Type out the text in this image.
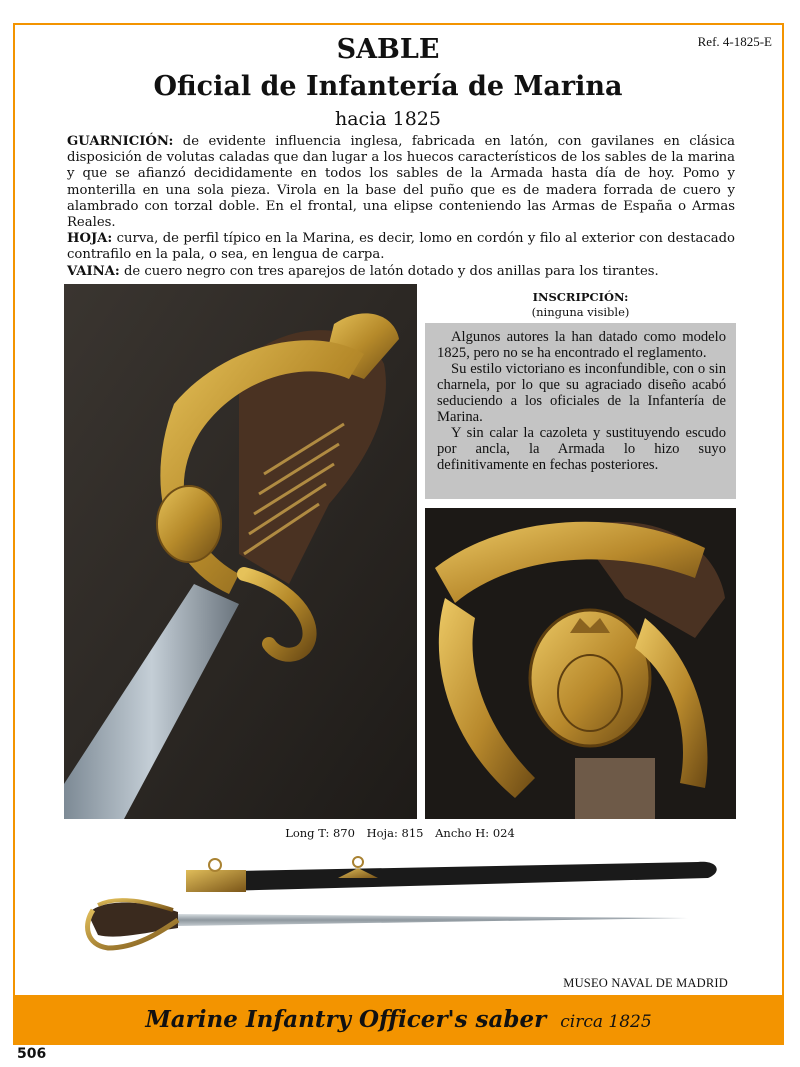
Ref. 4-1825-E
SABLE
Oficial de Infantería de Marina
hacia 1825

GUARNICIÓN: de evidente influencia inglesa, fabricada en latón, con gavilanes en clásica disposición de volutas caladas que dan lugar a los huecos característicos de los sables de la marina y que se afianzó decididamente en todos los sables de la Armada hasta día de hoy. Pomo y monterilla en una sola pieza. Virola en la base del puño que es de madera forrada de cuero y alambrado con torzal doble. En el frontal, una elipse conteniendo las Armas de España o Armas Reales.

HOJA: curva, de perfil típico en la Marina, es decir, lomo en cordón y filo al exterior con destacado contrafilo en la pala, o sea, en lengua de carpa.

VAINA: de cuero negro con tres aparejos de latón dotado y dos anillas para los tirantes.

INSCRIPCIÓN:
(ninguna visible)

Algunos autores la han datado como modelo 1825, pero no se ha encontrado el reglamento.

Su estilo victoriano es inconfundible, con o sin charnela, por lo que su agraciado diseño acabó seduciendo a los oficiales de la Infantería de Marina.

Y sin calar la cazoleta y sustituyendo escudo por ancla, la Armada lo hizo suyo definitivamente en fechas posteriores.

Long T: 870 Hoja: 815 Ancho H: 024
MUSEO NAVAL DE MADRID
Marine Infantry Officer's saber circa 1825
506
